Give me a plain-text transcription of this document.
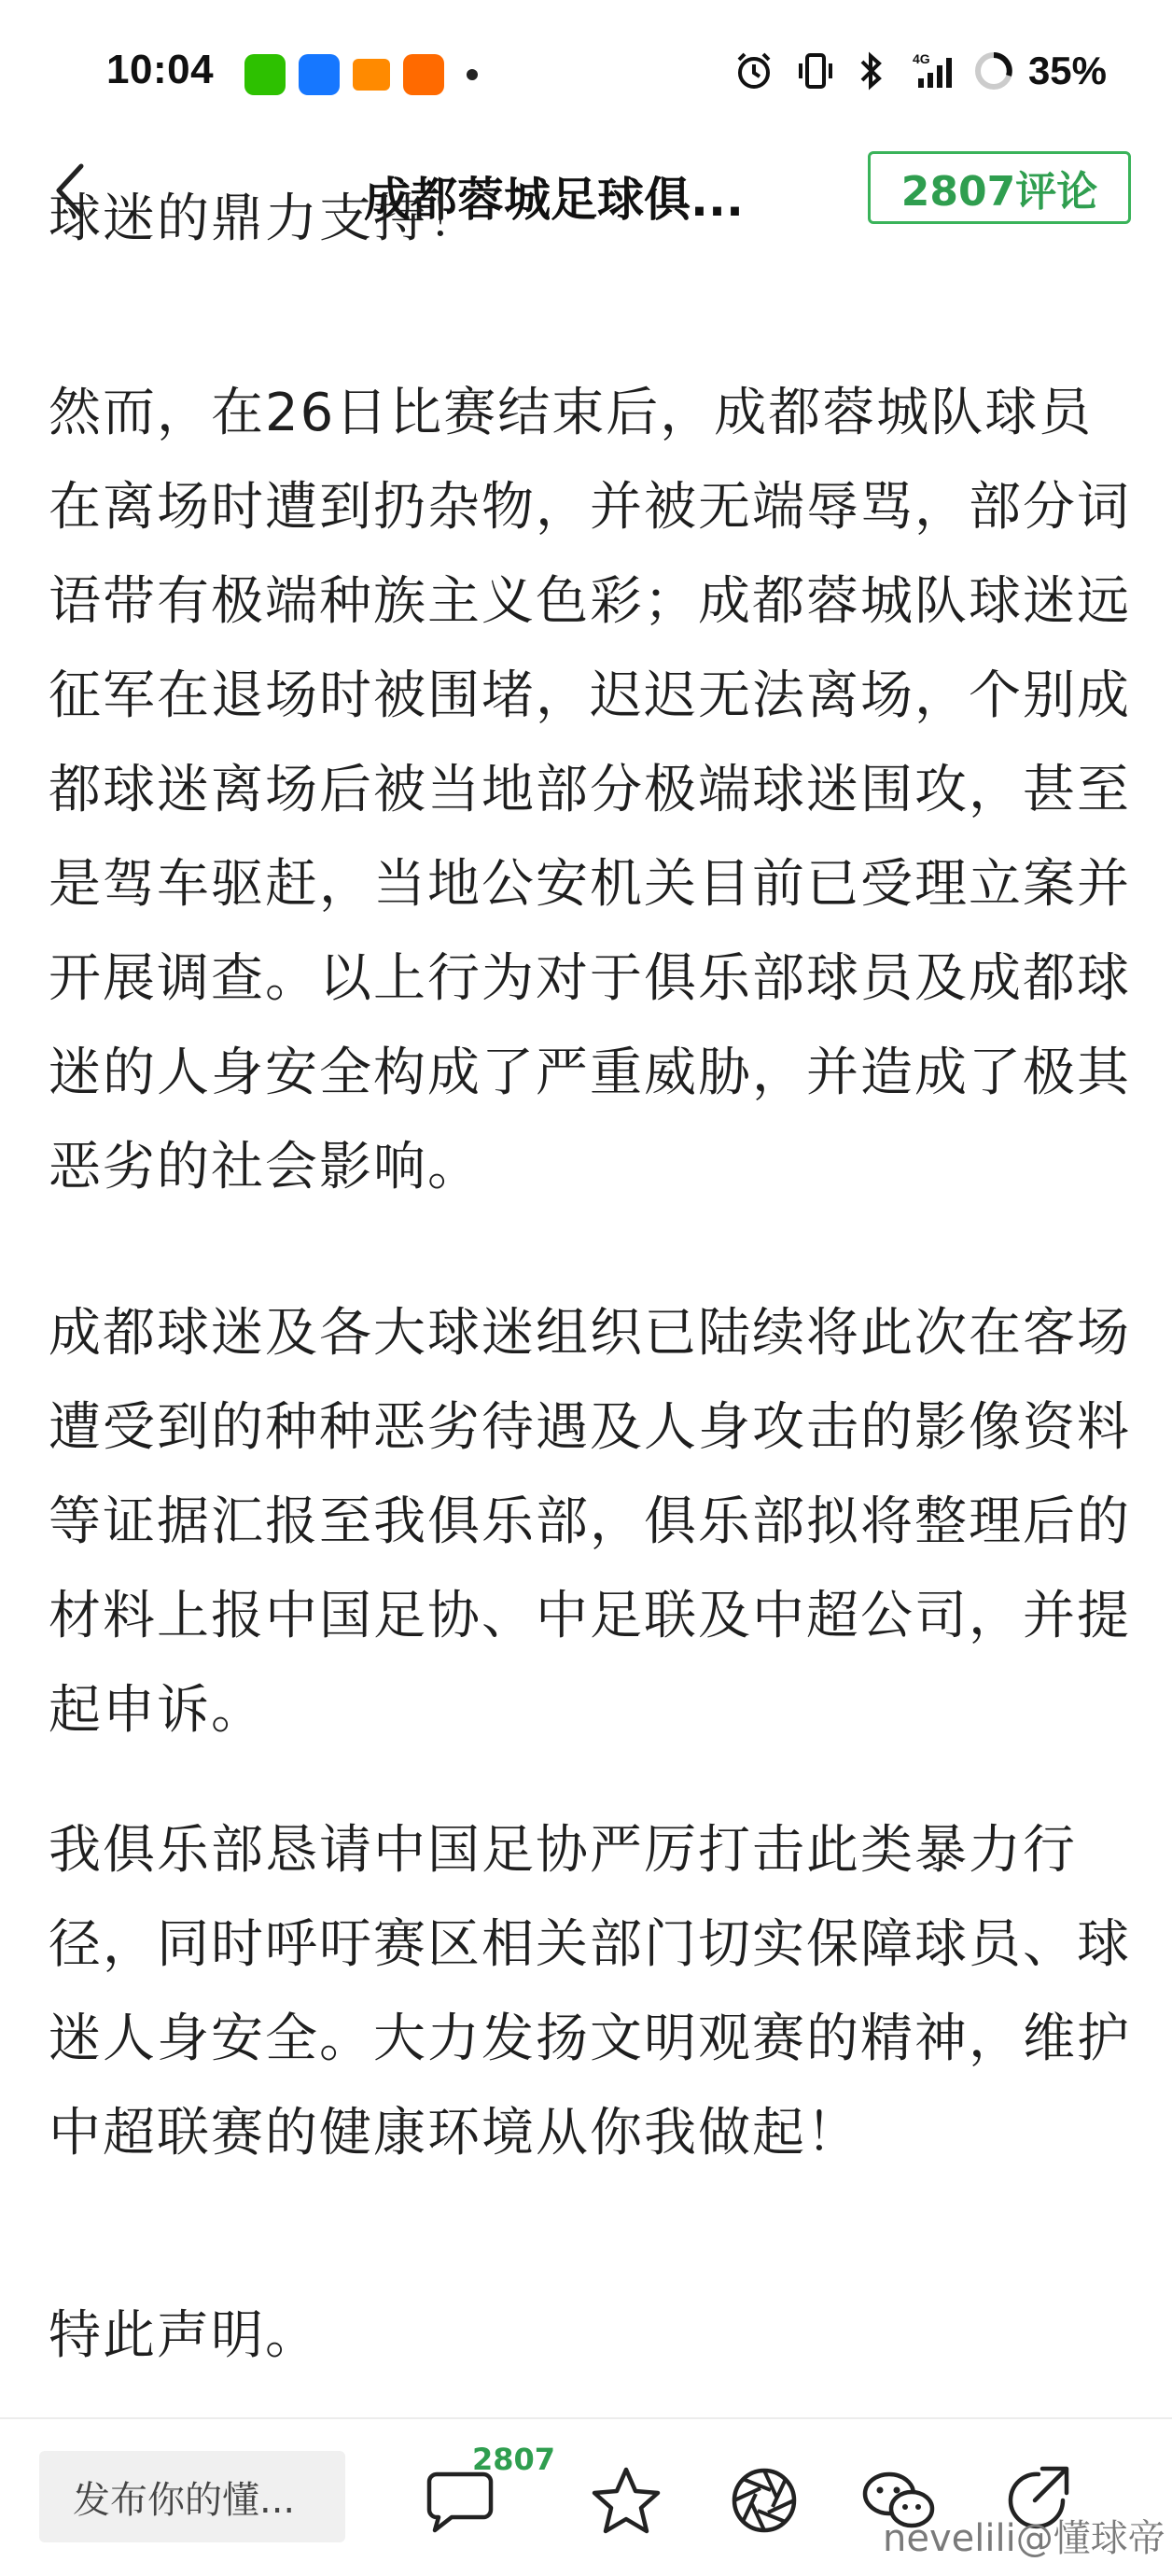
10:04	4G	35%
成都蓉城足球俱...	2807评论

球迷的鼎力支持！

然而，在26日比赛结束后，成都蓉城队球员在离场时遭到扔杂物，并被无端辱骂，部分词语带有极端种族主义色彩；成都蓉城队球迷远征军在退场时被围堵，迟迟无法离场，个别成都球迷离场后被当地部分极端球迷围攻，甚至是驾车驱赶，当地公安机关目前已受理立案并开展调查。以上行为对于俱乐部球员及成都球迷的人身安全构成了严重威胁，并造成了极其恶劣的社会影响。

成都球迷及各大球迷组织已陆续将此次在客场遭受到的种种恶劣待遇及人身攻击的影像资料等证据汇报至我俱乐部，俱乐部拟将整理后的材料上报中国足协、中足联及中超公司，并提起申诉。

我俱乐部恳请中国足协严厉打击此类暴力行径，同时呼吁赛区相关部门切实保障球员、球迷人身安全。大力发扬文明观赛的精神，维护中超联赛的健康环境从你我做起！

特此声明。

发布你的懂...
2807
nevelili@懂球帝
